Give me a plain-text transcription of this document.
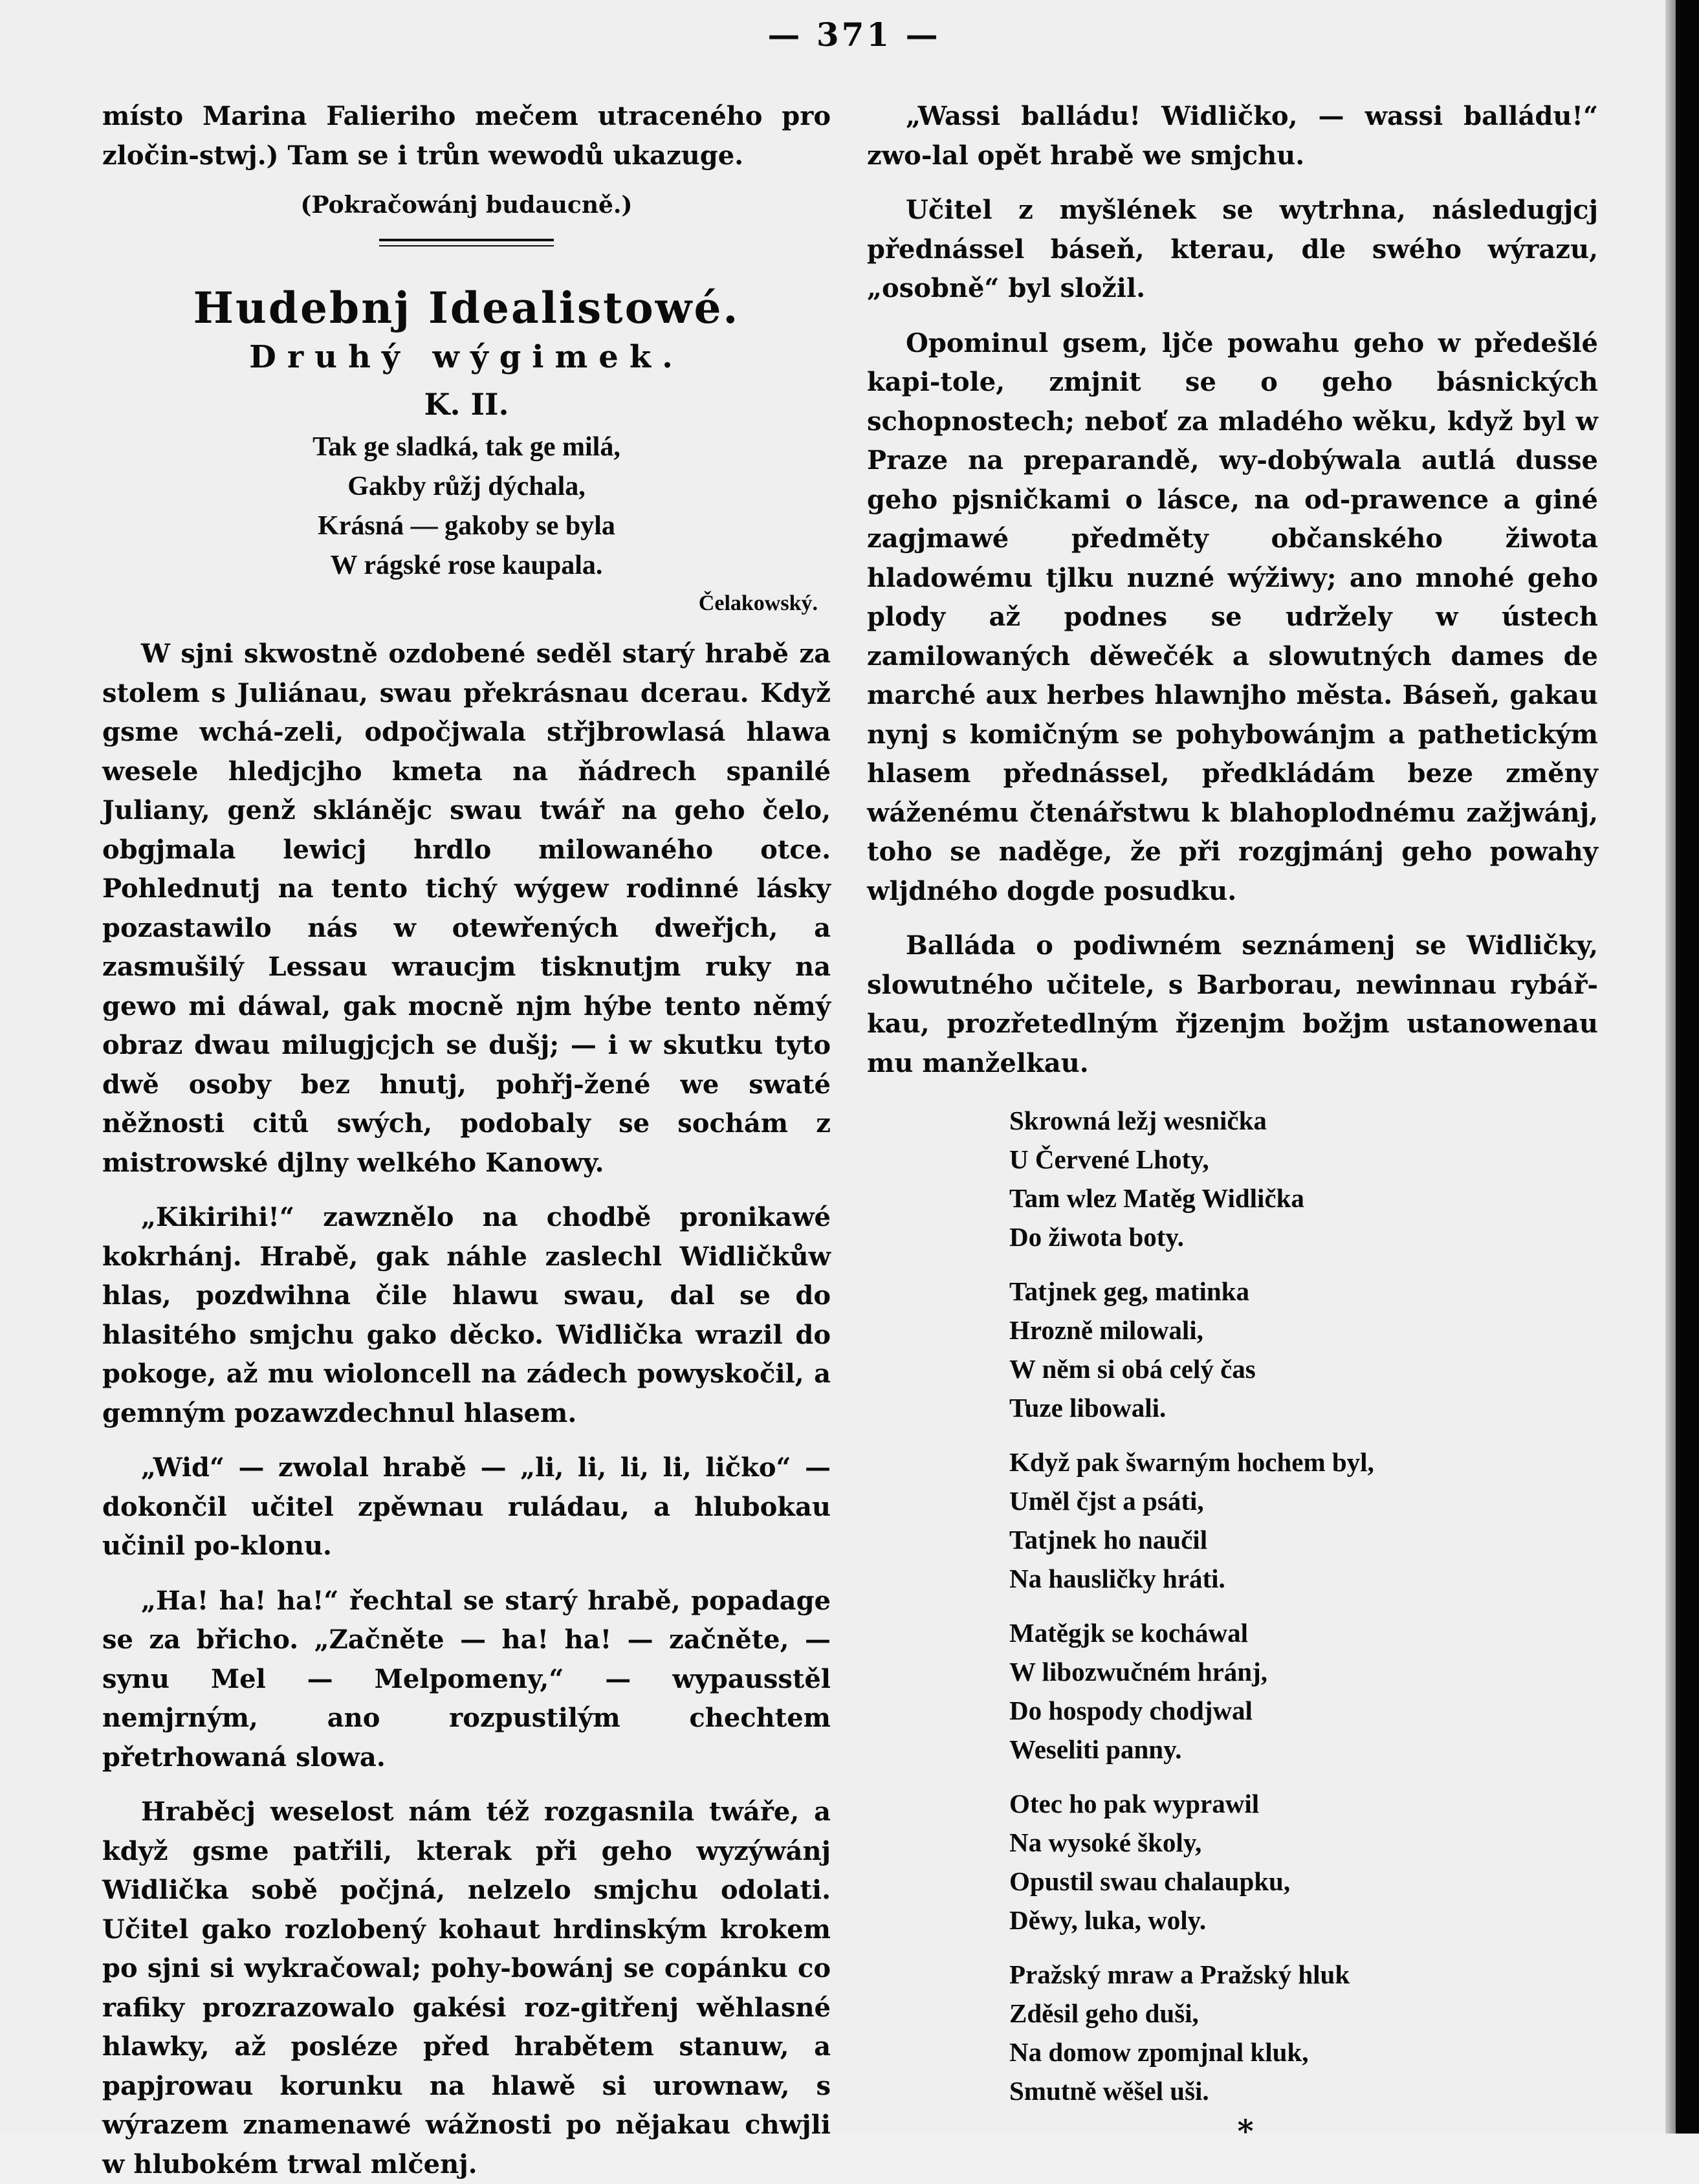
— 371 —

místo Marina Falieriho mečem utraceného pro zločin-stwj.) Tam se i trůn wewodů ukazuge.

(Pokračowánj budaucně.)
Hudebnj Idealistowé.
Druhý wýgimek.
K. II.
Tak ge sladká, tak ge milá,
Gakby růžj dýchala,
Krásná — gakoby se byla
W rágské rose kaupala.
Čelakowský.

W sjni skwostně ozdobené seděl starý hrabě za stolem s Juliánau, swau překrásnau dcerau. Když gsme wchá-zeli, odpočjwala střjbrowlasá hlawa wesele hledjcjho kmeta na ňádrech spanilé Juliany, genž sklánějc swau twář na geho čelo, obgjmala lewicj hrdlo milowaného otce. Pohlednutj na tento tichý wýgew rodinné lásky pozastawilo nás w otewřených dweřjch, a zasmušilý Lessau wraucjm tisknutjm ruky na gewo mi dáwal, gak mocně njm hýbe tento němý obraz dwau milugjcjch se dušj; — i w skutku tyto dwě osoby bez hnutj, pohřj-žené we swaté něžnosti citů swých, podobaly se sochám z mistrowské djlny welkého Kanowy.

„Kikirihi!“ zawznělo na chodbě pronikawé kokrhánj. Hrabě, gak náhle zaslechl Widličkůw hlas, pozdwihna čile hlawu swau, dal se do hlasitého smjchu gako děcko. Widlička wrazil do pokoge, až mu wioloncell na zádech powyskočil, a gemným pozawzdechnul hlasem.

„Wid“ — zwolal hrabě — „li, li, li, li, ličko“ — dokončil učitel zpěwnau ruládau, a hlubokau učinil po-klonu.

„Ha! ha! ha!“ řechtal se starý hrabě, popadage se za břicho. „Začněte — ha! ha! — začněte, — synu Mel — Melpomeny,“ — wypausstěl nemjrným, ano rozpustilým chechtem přetrhowaná slowa.

Hraběcj weselost nám též rozgasnila twáře, a když gsme patřili, kterak při geho wyzýwánj Widlička sobě počjná, nelzelo smjchu odolati. Učitel gako rozlobený kohaut hrdinským krokem po sjni si wykračowal; pohy-bowánj se copánku co rafiky prozrazowalo gakési roz-gitřenj wěhlasné hlawky, až posléze před hrabětem stanuw, a papjrowau korunku na hlawě si urownaw, s wýrazem znamenawé wážnosti po nějakau chwjli w hlubokém trwal mlčenj.

„Wassi balládu! Widličko, — wassi balládu!“ zwo-lal opět hrabě we smjchu.

Učitel z myšlének se wytrhna, následugjcj přednássel báseň, kterau, dle swého wýrazu, „osobně“ byl složil.

Opominul gsem, ljče powahu geho w předešlé kapi-tole, zmjnit se o geho básnických schopnostech; neboť za mladého wěku, když byl w Praze na preparandě, wy-dobýwala autlá dusse geho pjsničkami o lásce, na od-prawence a giné zagjmawé předměty občanského žiwota hladowému tjlku nuzné wýžiwy; ano mnohé geho plody až podnes se udržely w ústech zamilowaných děwečék a slowutných dames de marché aux herbes hlawnjho města. Báseň, gakau nynj s komičným se pohybowánjm a pathetickým hlasem přednássel, předkládám beze změny wáženému čtenářstwu k blahoplodnému zažjwánj, toho se naděge, že při rozgjmánj geho powahy wljdného dogde posudku.

Balláda o podiwném seznámenj se Widličky, slowutného učitele, s Barborau, newinnau rybář-kau, prozřetedlným řjzenjm božjm ustanowenau mu manželkau.

Skrowná ležj wesnička
U Červené Lhoty,
Tam wlez Matěg Widlička
Do žiwota boty.
Tatjnek geg, matinka
Hrozně milowali,
W něm si obá celý čas
Tuze libowali.
Když pak šwarným hochem byl,
Uměl čjst a psáti,
Tatjnek ho naučil
Na hausličky hráti.
Matěgjk se kocháwal
W libozwučném hránj,
Do hospody chodjwal
Weseliti panny.
Otec ho pak wyprawil
Na wysoké školy,
Opustil swau chalaupku,
Děwy, luka, woly.
Pražský mraw a Pražský hluk
Zděsil geho duši,
Na domow zpomjnal kluk,
Smutně wěšel uši.
*
